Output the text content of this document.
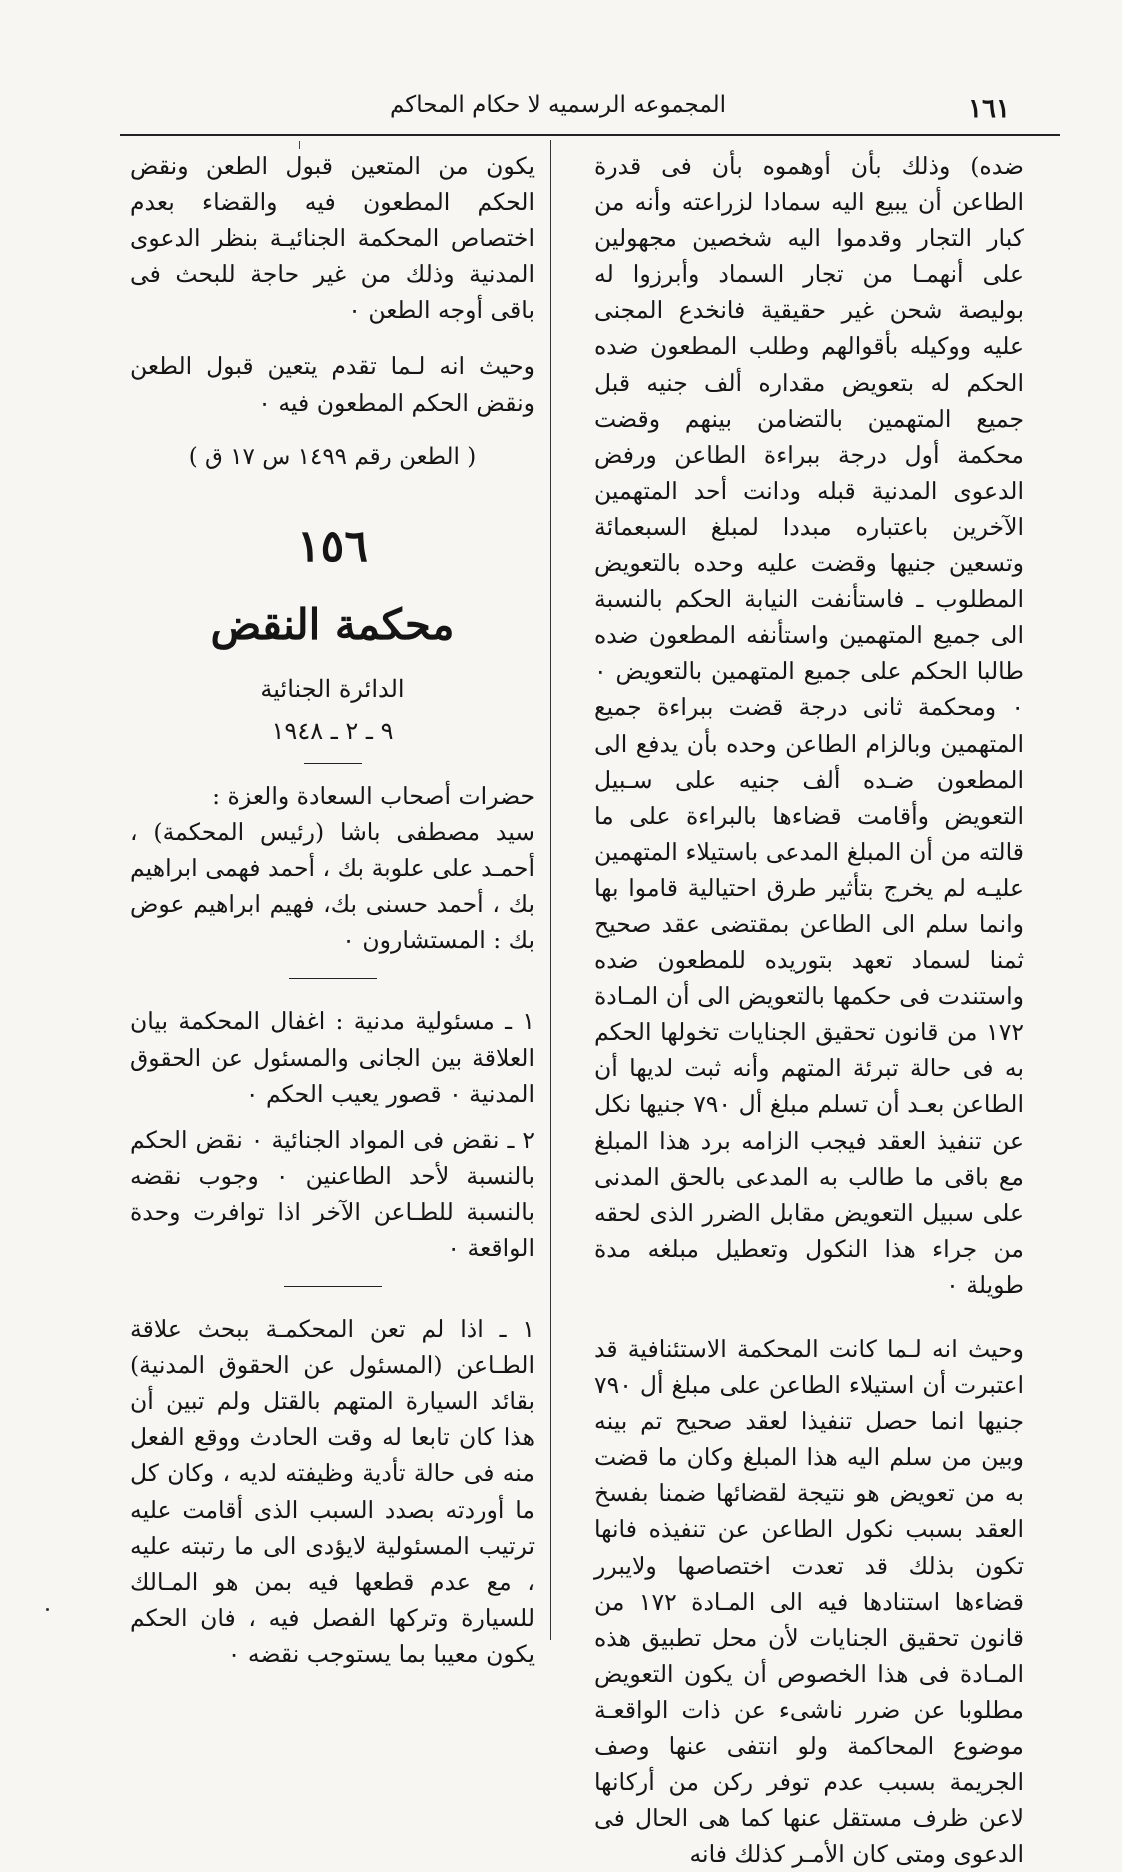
١٦١
المجموعه الرسميه ﻻ حكام المحاكم

ضده) وذلك بأن أوهموه بأن فى قدرة الطاعن أن يبيع اليه سمادا لزراعته وأنه من كبار التجار وقدموا اليه شخصين مجهولين على أنهمـا من تجار السماد وأبرزوا له بوليصة شحن غير حقيقية فانخدع المجنى عليه ووكيله بأقوالهم وطلب المطعون ضده الحكم له بتعويض مقداره ألف جنيه قبل جميع المتهمين بالتضامن بينهم وقضت محكمة أول درجة ببراءة الطاعن ورفض الدعوى المدنية قبله ودانت أحد المتهمين الآخرين باعتباره مبددا لمبلغ السبعمائة وتسعين جنيها وقضت عليه وحده بالتعويض المطلوب ـ فاستأنفت النيابة الحكم بالنسبة الى جميع المتهمين واستأنفه المطعون ضده طالبا الحكم على جميع المتهمين بالتعويض ٠ ٠ ومحكمة ثانى درجة قضت ببراءة جميع المتهمين وبالزام الطاعن وحده بأن يدفع الى المطعون ضـده ألف جنيه على سـبيل التعويض وأقامت قضاءها بالبراءة على ما قالته من أن المبلغ المدعى باستيلاء المتهمين عليـه لم يخرج بتأثير طرق احتيالية قاموا بها وانما سلم الى الطاعن بمقتضى عقد صحيح ثمنا لسماد تعهد بتوريده للمطعون ضده واستندت فى حكمها بالتعويض الى أن المـادة ١٧٢ من قانون تحقيق الجنايات تخولها الحكم به فى حالة تبرئة المتهم وأنه ثبت لديها أن الطاعن بعـد أن تسلم مبلغ أل ٧٩٠ جنيها نكل عن تنفيذ العقد فيجب الزامه برد هذا المبلغ مع باقى ما طالب به المدعى بالحق المدنى على سبيل التعويض مقابل الضرر الذى لحقه من جراء هذا النكول وتعطيل مبلغه مدة طويلة ٠

وحيث انه لـما كانت المحكمة الاستئنافية قد اعتبرت أن استيلاء الطاعن على مبلغ أل ٧٩٠ جنيها انما حصل تنفيذا لعقد صحيح تم بينه وبين من سلم اليه هذا المبلغ وكان ما قضت به من تعويض هو نتيجة لقضائها ضمنا بفسخ العقد بسبب نكول الطاعن عن تنفيذه فانها تكون بذلك قد تعدت اختصاصها ولايبرر قضاءها استنادها فيه الى المـادة ١٧٢ من قانون تحقيق الجنايات لأن محل تطبيق هذه المـادة فى هذا الخصوص أن يكون التعويض مطلوبا عن ضرر ناشىء عن ذات الواقعـة موضوع المحاكمة ولو انتفى عنها وصف الجريمة بسبب عدم توفر ركن من أركانها لاعن ظرف مستقل عنها كما هى الحال فى الدعوى ومتى كان الأمـر كذلك فانه

يكون من المتعين قبول الطعن ونقض الحكم المطعون فيه والقضاء بعدم اختصاص المحكمة الجنائيـة بنظر الدعوى المدنية وذلك من غير حاجة للبحث فى باقى أوجه الطعن ٠

وحيث انه لـما تقدم يتعين قبول الطعن ونقض الحكم المطعون فيه ٠

( الطعن رقم ١٤٩٩ س ١٧ ق )
١٥٦
محكمة النقض
الدائرة الجنائية
٩ ـ ٢ ـ ١٩٤٨

حضرات أصحاب السعادة والعزة :

سيد مصطفى باشا (رئيس المحكمة) ، أحمـد على علوبة بك ، أحمد فهمى ابراهيم بك ، أحمد حسنى بك، فهيم ابراهيم عوض بك : المستشارون ٠

١ ـ مسئولية مدنية : اغفال المحكمة بيان العلاقة بين الجانى والمسئول عن الحقوق المدنية ٠ قصور يعيب الحكم ٠

٢ ـ نقض فى المواد الجنائية ٠ نقض الحكم بالنسبة لأحد الطاعنين ٠ وجوب نقضه بالنسبة للطـاعن الآخر اذا توافرت وحدة الواقعة ٠

١ ـ اذا لم تعن المحكمـة ببحث علاقة الطـاعن (المسئول عن الحقوق المدنية) بقائد السيارة المتهم بالقتل ولم تبين أن هذا كان تابعا له وقت الحادث ووقع الفعل منه فى حالة تأدية وظيفته لديه ، وكان كل ما أوردته بصدد السبب الذى أقامت عليه ترتيب المسئولية لايؤدى الى ما رتبته عليه ، مع عدم قطعها فيه بمن هو المـالك للسيارة وتركها الفصل فيه ، فان الحكم يكون معيبا بما يستوجب نقضه ٠
